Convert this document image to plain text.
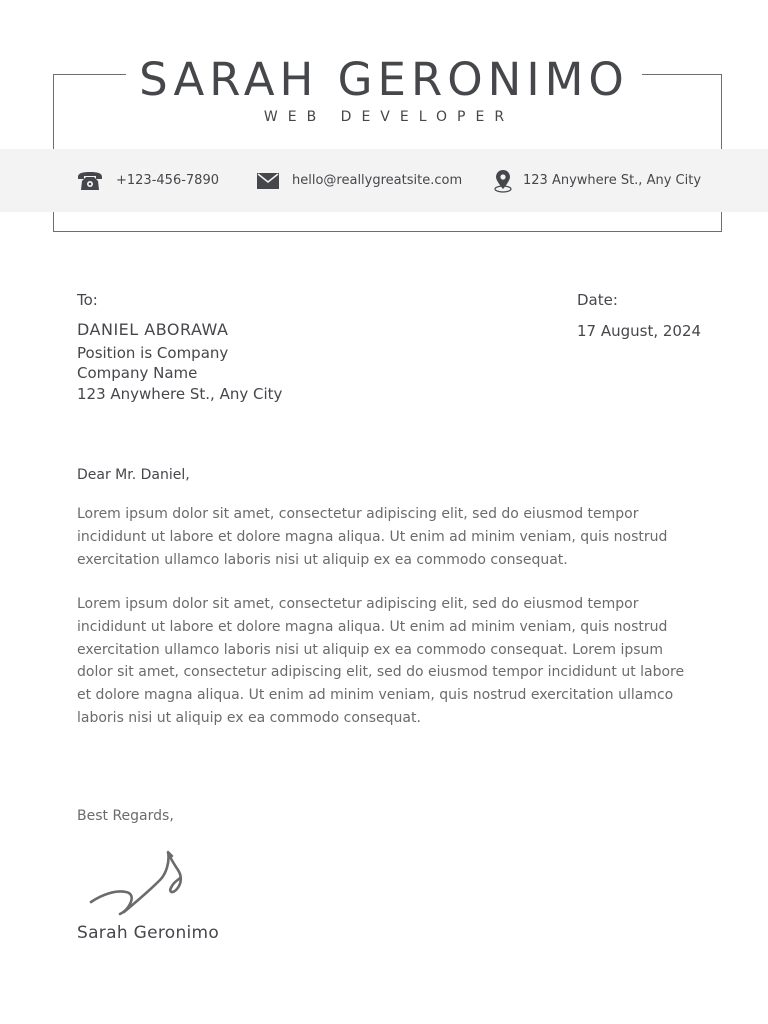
SARAH GERONIMO
WEB DEVELOPER
+123-456-7890	hello@reallygreatsite.com	123 Anywhere St., Any City
To:	Date:
DANIEL ABORAWA
Position is Company
Company Name
123 Anywhere St., Any City
17 August, 2024
Dear Mr. Daniel,
Lorem ipsum dolor sit amet, consectetur adipiscing elit, sed do eiusmod tempor incididunt ut labore et dolore magna aliqua. Ut enim ad minim veniam, quis nostrud exercitation ullamco laboris nisi ut aliquip ex ea commodo consequat.
Lorem ipsum dolor sit amet, consectetur adipiscing elit, sed do eiusmod tempor incididunt ut labore et dolore magna aliqua. Ut enim ad minim veniam, quis nostrud exercitation ullamco laboris nisi ut aliquip ex ea commodo consequat. Lorem ipsum dolor sit amet, consectetur adipiscing elit, sed do eiusmod tempor incididunt ut labore et dolore magna aliqua. Ut enim ad minim veniam, quis nostrud exercitation ullamco laboris nisi ut aliquip ex ea commodo consequat.
Best Regards,
Sarah Geronimo
